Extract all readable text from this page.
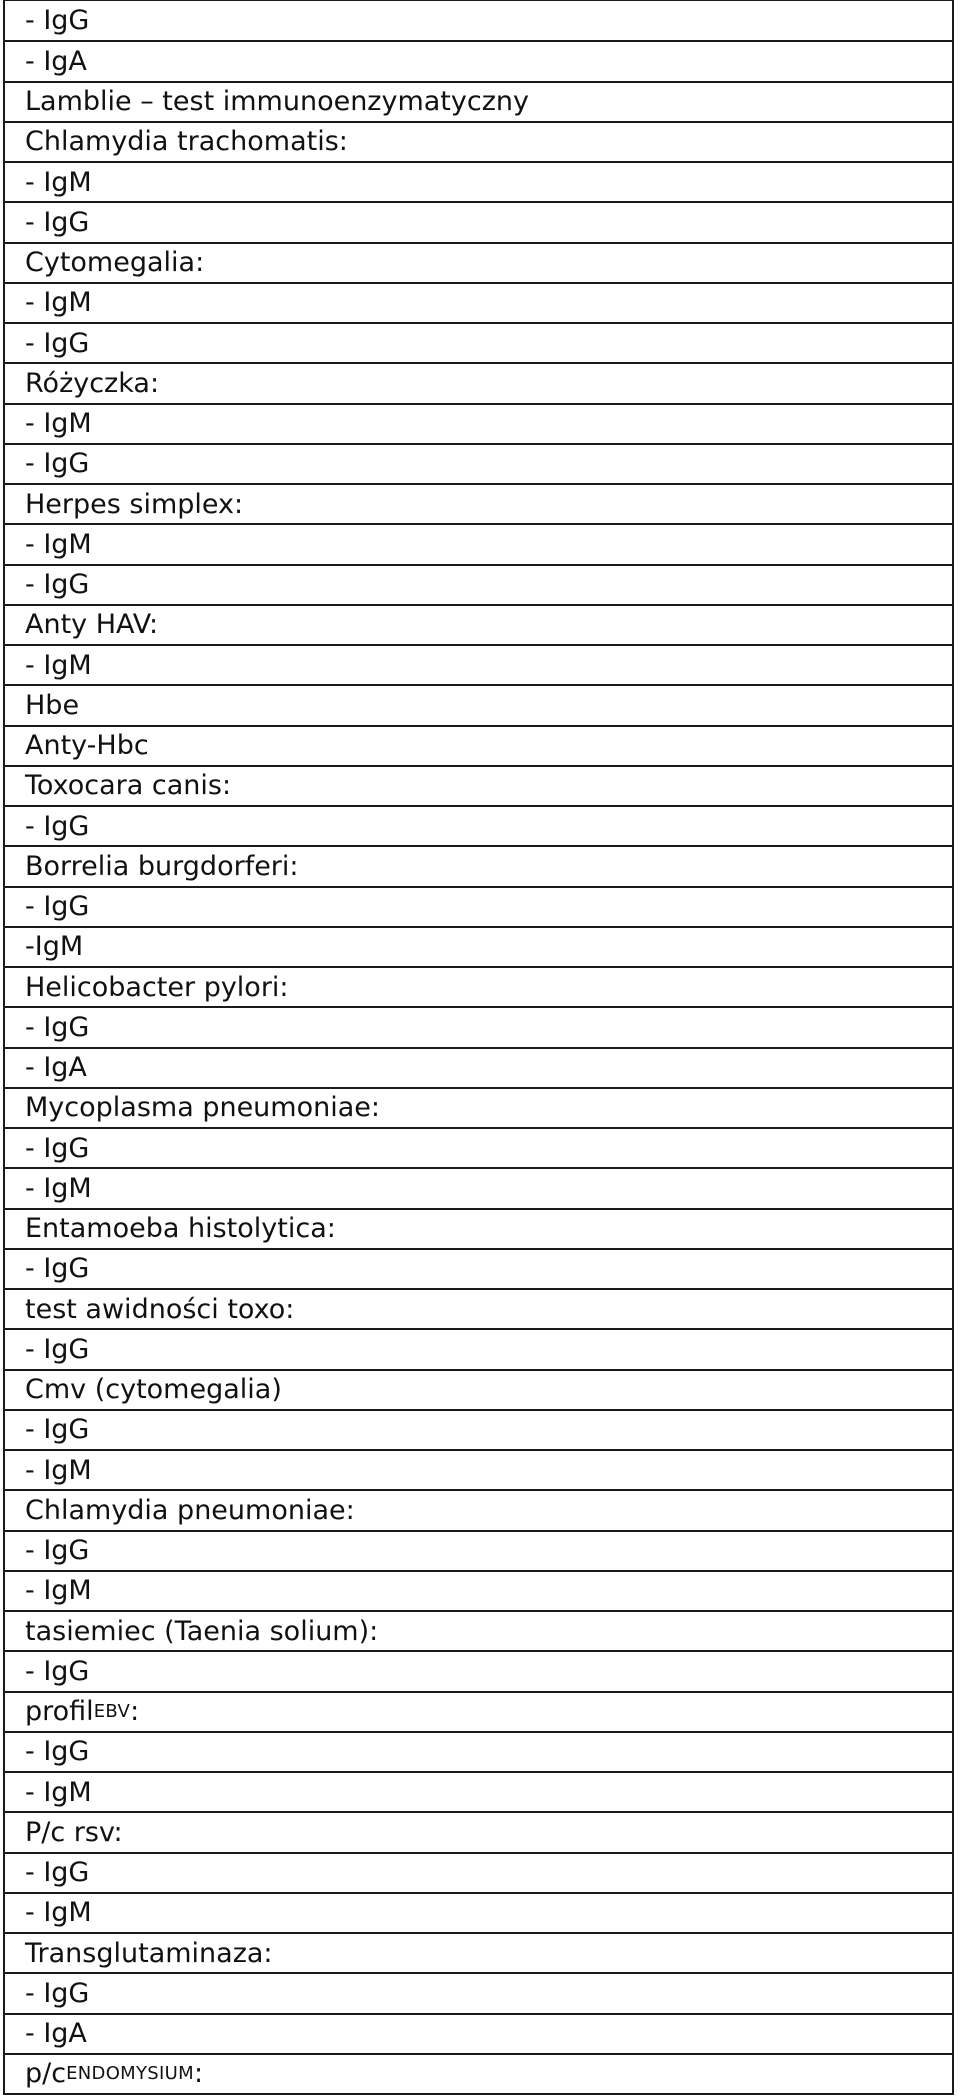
- IgG
- IgA
Lamblie – test immunoenzymatyczny
Chlamydia trachomatis:
- IgM
- IgG
Cytomegalia:
- IgM
- IgG
Różyczka:
- IgM
- IgG
Herpes simplex:
- IgM
- IgG
Anty HAV:
- IgM
Hbe
Anty-Hbc
Toxocara canis:
- IgG
Borrelia burgdorferi:
- IgG
-IgM
Helicobacter pylori:
- IgG
- IgA
Mycoplasma pneumoniae:
- IgG
- IgM
Entamoeba histolytica:
- IgG
test awidności toxo:
- IgG
Cmv (cytomegalia)
- IgG
- IgM
Chlamydia pneumoniae:
- IgG
- IgM
tasiemiec (Taenia solium):
- IgG
profil EBV :
- IgG
- IgM
P/c rsv:
- IgG
- IgM
Transglutaminaza:
- IgG
- IgA
p/c ENDOMYSIUM :
